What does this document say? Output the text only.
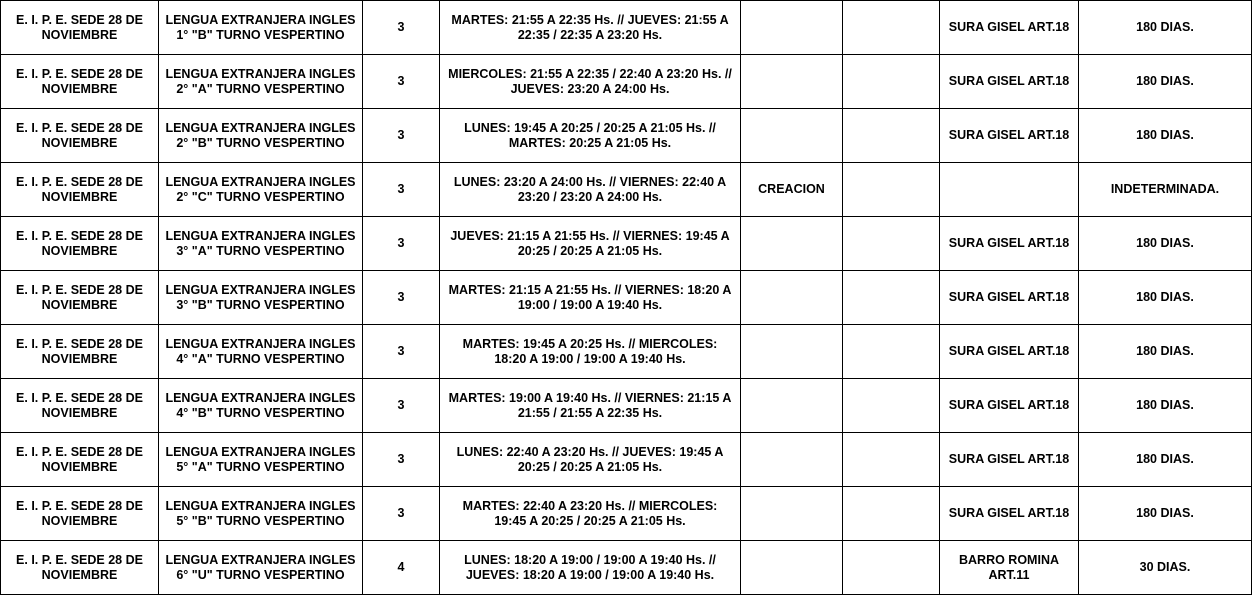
E. I. P. E. SEDE 28 DE
NOVIEMBRE	LENGUA EXTRANJERA INGLES
1° "B" TURNO VESPERTINO	3	MARTES: 21:55 A 22:35 Hs. // JUEVES: 21:55 A
22:35 / 22:35 A 23:20 Hs.			SURA GISEL ART.18	180 DIAS.
E. I. P. E. SEDE 28 DE
NOVIEMBRE	LENGUA EXTRANJERA INGLES
2° "A" TURNO VESPERTINO	3	MIERCOLES: 21:55 A 22:35 / 22:40 A 23:20 Hs. //
JUEVES: 23:20 A 24:00 Hs.			SURA GISEL ART.18	180 DIAS.
E. I. P. E. SEDE 28 DE
NOVIEMBRE	LENGUA EXTRANJERA INGLES
2° "B" TURNO VESPERTINO	3	LUNES: 19:45 A 20:25 / 20:25 A 21:05 Hs. //
MARTES: 20:25 A 21:05 Hs.			SURA GISEL ART.18	180 DIAS.
E. I. P. E. SEDE 28 DE
NOVIEMBRE	LENGUA EXTRANJERA INGLES
2° "C" TURNO VESPERTINO	3	LUNES: 23:20 A 24:00 Hs. // VIERNES: 22:40 A
23:20 / 23:20 A 24:00 Hs.	CREACION			INDETERMINADA.
E. I. P. E. SEDE 28 DE
NOVIEMBRE	LENGUA EXTRANJERA INGLES
3° "A" TURNO VESPERTINO	3	JUEVES: 21:15 A 21:55 Hs. // VIERNES: 19:45 A
20:25 / 20:25 A 21:05 Hs.			SURA GISEL ART.18	180 DIAS.
E. I. P. E. SEDE 28 DE
NOVIEMBRE	LENGUA EXTRANJERA INGLES
3° "B" TURNO VESPERTINO	3	MARTES: 21:15 A 21:55 Hs. // VIERNES: 18:20 A
19:00 / 19:00 A 19:40 Hs.			SURA GISEL ART.18	180 DIAS.
E. I. P. E. SEDE 28 DE
NOVIEMBRE	LENGUA EXTRANJERA INGLES
4° "A" TURNO VESPERTINO	3	MARTES: 19:45 A 20:25 Hs. // MIERCOLES:
18:20 A 19:00 / 19:00 A 19:40 Hs.			SURA GISEL ART.18	180 DIAS.
E. I. P. E. SEDE 28 DE
NOVIEMBRE	LENGUA EXTRANJERA INGLES
4° "B" TURNO VESPERTINO	3	MARTES: 19:00 A 19:40 Hs. // VIERNES: 21:15 A
21:55 / 21:55 A 22:35 Hs.			SURA GISEL ART.18	180 DIAS.
E. I. P. E. SEDE 28 DE
NOVIEMBRE	LENGUA EXTRANJERA INGLES
5° "A" TURNO VESPERTINO	3	LUNES: 22:40 A 23:20 Hs. // JUEVES: 19:45 A
20:25 / 20:25 A 21:05 Hs.			SURA GISEL ART.18	180 DIAS.
E. I. P. E. SEDE 28 DE
NOVIEMBRE	LENGUA EXTRANJERA INGLES
5° "B" TURNO VESPERTINO	3	MARTES: 22:40 A 23:20 Hs. // MIERCOLES:
19:45 A 20:25 / 20:25 A 21:05 Hs.			SURA GISEL ART.18	180 DIAS.
E. I. P. E. SEDE 28 DE
NOVIEMBRE	LENGUA EXTRANJERA INGLES
6° "U" TURNO VESPERTINO	4	LUNES: 18:20 A 19:00 / 19:00 A 19:40 Hs. //
JUEVES: 18:20 A 19:00 / 19:00 A 19:40 Hs.			BARRO ROMINA
ART.11	30 DIAS.
